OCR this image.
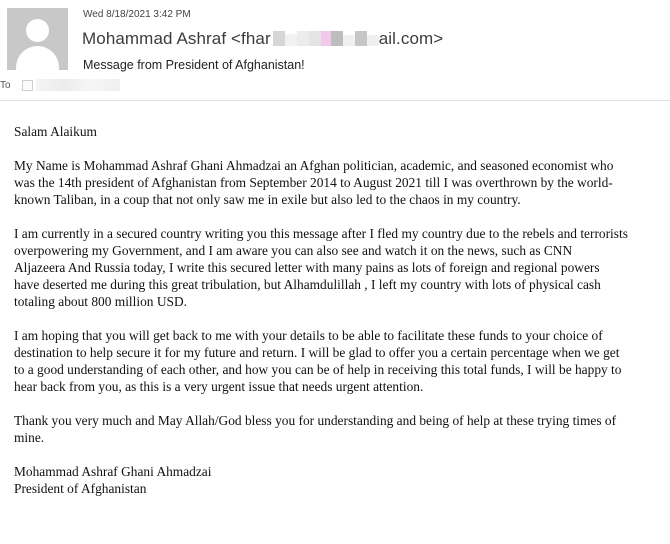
Wed 8/18/2021 3:42 PM
Mohammad Ashraf <fhar	ail.com>
Message from President of Afghanistan!
To

Salam Alaikum

My Name is Mohammad Ashraf Ghani Ahmadzai an Afghan politician, academic, and seasoned economist who
was the 14th president of Afghanistan from September 2014 to August 2021 till I was overthrown by the world-
known Taliban, in a coup that not only saw me in exile but also led to the chaos in my country.

I am currently in a secured country writing you this message after I fled my country due to the rebels and terrorists
overpowering my Government, and I am aware you can also see and watch it on the news, such as CNN
Aljazeera And Russia today, I write this secured letter with many pains as lots of foreign and regional powers
have deserted me during this great tribulation, but Alhamdulillah , I left my country with lots of physical cash
totaling about 800 million USD.

I am hoping that you will get back to me with your details to be able to facilitate these funds to your choice of
destination to help secure it for my future and return. I will be glad to offer you a certain percentage when we get
to a good understanding of each other, and how you can be of help in receiving this total funds, I will be happy to
hear back from you, as this is a very urgent issue that needs urgent attention.

Thank you very much and May Allah/God bless you for understanding and being of help at these trying times of
mine.

Mohammad Ashraf Ghani Ahmadzai

President of Afghanistan
